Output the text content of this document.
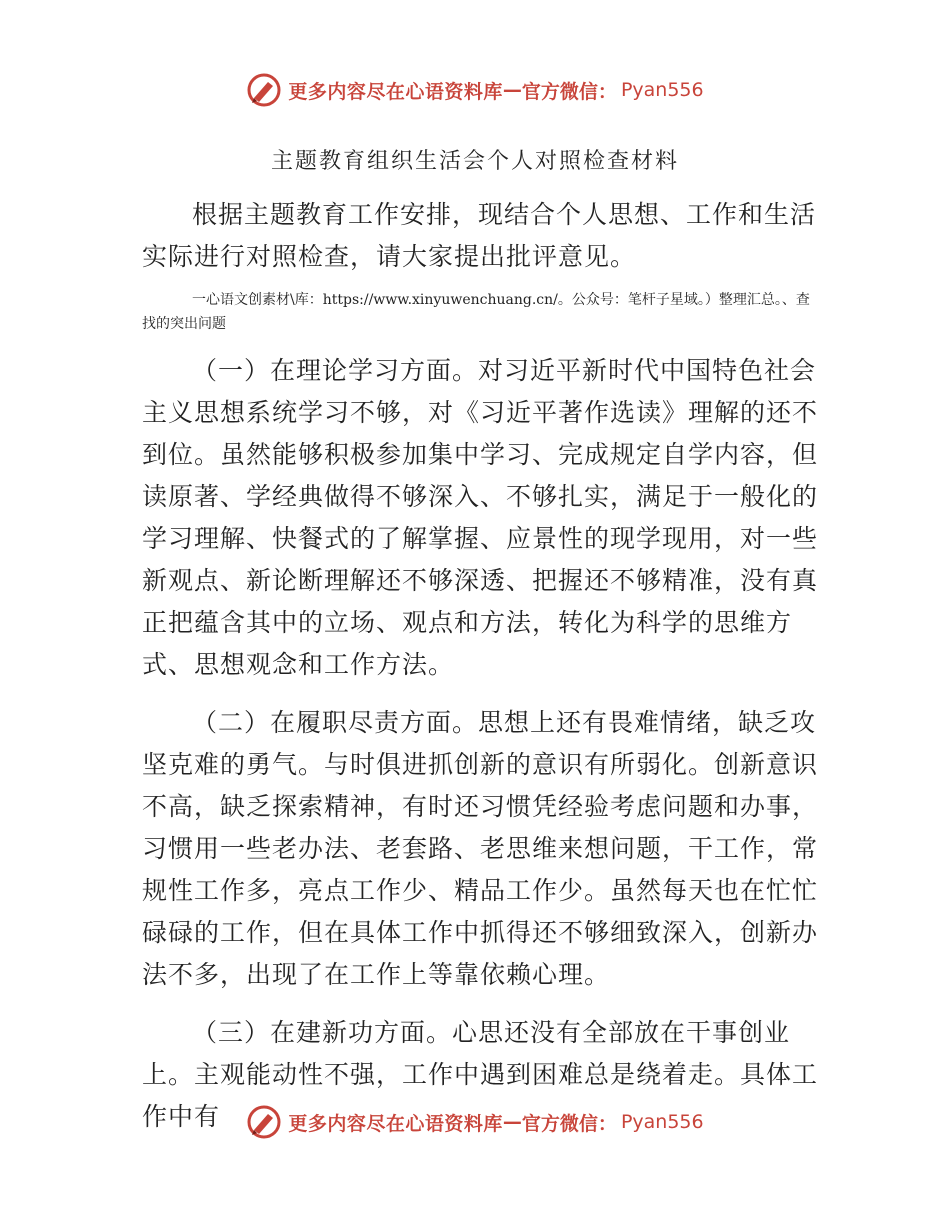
更多内容尽在心语资料库 — 官方微信： Pyan556
主题教育组织生活会个人对照检查材料

根据主题教育工作安排，现结合个人思想、工作和生活实际进行对照检查，请大家提出批评意见。

一心语文创素材\库：https://www.xinyuwenchuang.cn/。公众号：笔杆子星域。）整理汇总。、查找的突出问题

（一）在理论学习方面。对习近平新时代中国特色社会主义思想系统学习不够，对《习近平著作选读》理解的还不到位。虽然能够积极参加集中学习、完成规定自学内容，但读原著、学经典做得不够深入、不够扎实，满足于一般化的学习理解、快餐式的了解掌握、应景性的现学现用，对一些新观点、新论断理解还不够深透、把握还不够精准，没有真正把蕴含其中的立场、观点和方法，转化为科学的思维方式、思想观念和工作方法。

（二）在履职尽责方面。思想上还有畏难情绪，缺乏攻坚克难的勇气。与时俱进抓创新的意识有所弱化。创新意识不高，缺乏探索精神，有时还习惯凭经验考虑问题和办事，习惯用一些老办法、老套路、老思维来想问题，干工作，常规性工作多，亮点工作少、精品工作少。虽然每天也在忙忙碌碌的工作，但在具体工作中抓得还不够细致深入，创新办法不多，出现了在工作上等靠依赖心理。

（三）在建新功方面。心思还没有全部放在干事创业上。主观能动性不强，工作中遇到困难总是绕着走。具体工作中有	更多内容尽在心语资料库 — 官方微信： Pyan556
